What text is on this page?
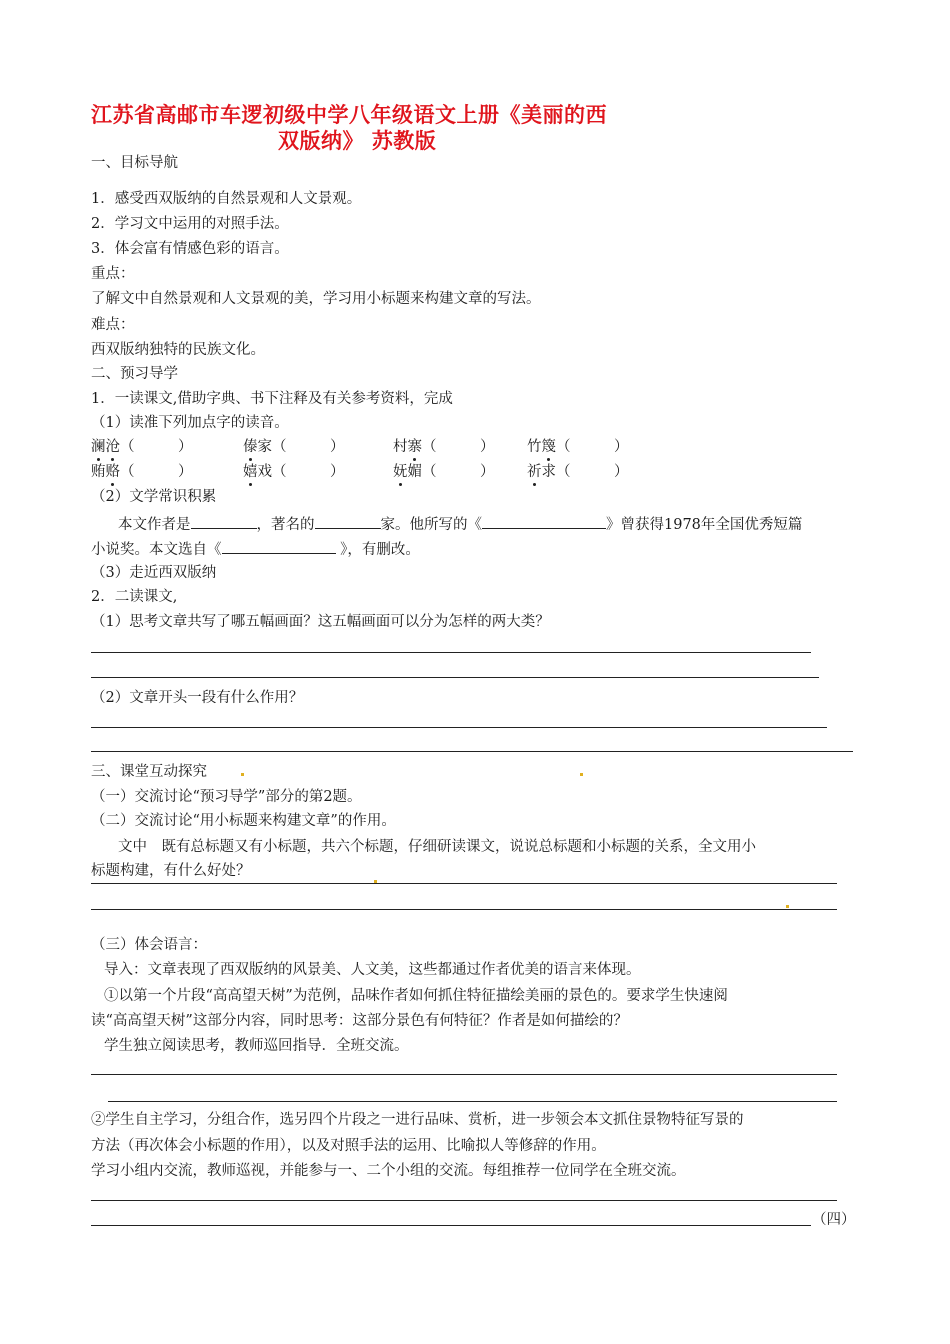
江苏省高邮市车逻初级中学八年级语文上册《美丽的西
双版纳》 苏教版
一、目标导航
1．感受西双版纳的自然景观和人文景观。
2．学习文中运用的对照手法。
3．体会富有情感色彩的语言。
重点：
了解文中自然景观和人文景观的美，学习用小标题来构建文章的写法。
难点：
西双版纳独特的民族文化。
二、预习导学
1．一读课文,借助字典、书下注释及有关参考资料，完成
（1）读准下列加点字的读音。
澜沧（　　　）	傣家（　　　）	村寨（　　　） 竹篾（　　　）
贿赂（　　　）	嬉戏（　　　）	妩媚（　　　） 祈求（　　　）
（2）文学常识积累
本文作者是	，著名的	家。他所写的《	》曾获得1978年全国优秀短篇
小说奖。本文选自《	》，有删改。
（3）走近西双版纳
2．二读课文,
（1）思考文章共写了哪五幅画面？这五幅画面可以分为怎样的两大类？
（2）文章开头一段有什么作用？
三、课堂互动探究
（一）交流讨论“预习导学”部分的第2题。
（二）交流讨论“用小标题来构建文章”的作用。
文中　既有总标题又有小标题，共六个标题，仔细研读课文，说说总标题和小标题的关系，全文用小
标题构建，有什么好处？
（三）体会语言：
导入：文章表现了西双版纳的风景美、人文美，这些都通过作者优美的语言来体现。
①以第一个片段“高高望天树”为范例，品味作者如何抓住特征描绘美丽的景色的。要求学生快速阅
读“高高望天树”这部分内容，同时思考：这部分景色有何特征？作者是如何描绘的？
学生独立阅读思考，教师巡回指导．全班交流。
②学生自主学习，分组合作，选另四个片段之一进行品味、赏析，进一步领会本文抓住景物特征写景的
方法（再次体会小标题的作用），以及对照手法的运用、比喻拟人等修辞的作用。
学习小组内交流，教师巡视，并能参与一、二个小组的交流。每组推荐一位同学在全班交流。
（四）
